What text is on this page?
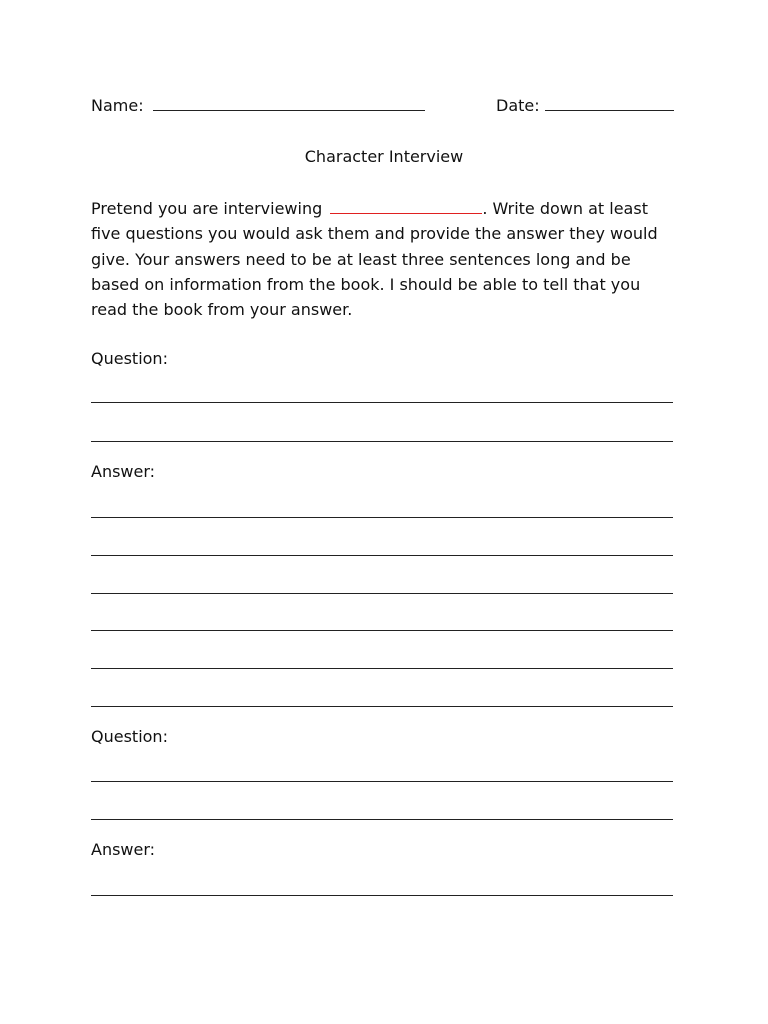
Name:	Date:
Character Interview
Pretend you are interviewing	. Write down at least
five questions you would ask them and provide the answer they would
give. Your answers need to be at least three sentences long and be
based on information from the book. I should be able to tell that you
read the book from your answer.
Question:
Answer:
Question:
Answer:
